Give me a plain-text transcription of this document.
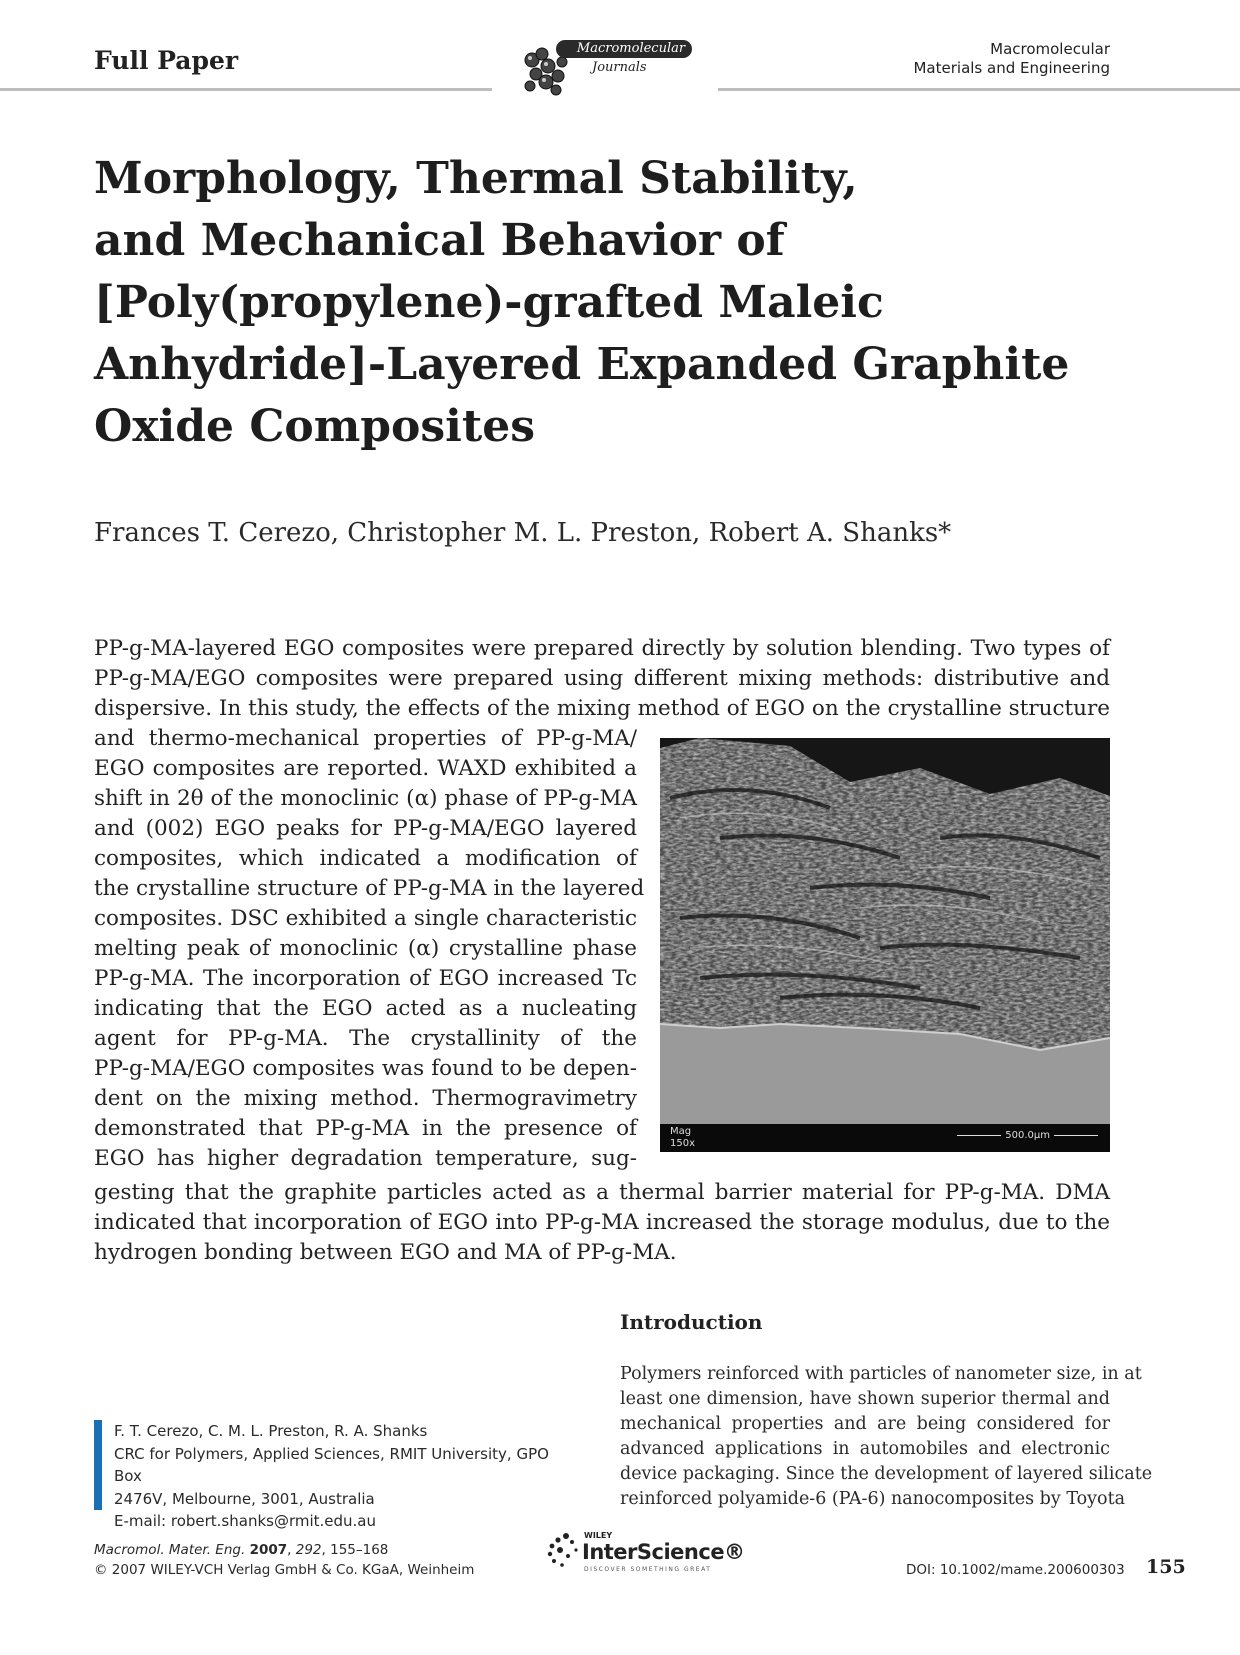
Full Paper	Macromolecular
Journals
Macromolecular
Materials and Engineering
Morphology, Thermal Stability,
and Mechanical Behavior of
[Poly(propylene)-grafted Maleic
Anhydride]-Layered Expanded Graphite
Oxide Composites
Frances T. Cerezo, Christopher M. L. Preston, Robert A. Shanks*
PP-g-MA-layered EGO composites were prepared directly by solution blending. Two types of
PP-g-MA/EGO composites were prepared using different mixing methods: distributive and
dispersive. In this study, the effects of the mixing method of EGO on the crystalline structure
and thermo-mechanical properties of PP-g-MA/
EGO composites are reported. WAXD exhibited a
shift in 2θ of the monoclinic (α) phase of PP-g-MA
and (002) EGO peaks for PP-g-MA/EGO layered
composites, which indicated a modification of
the crystalline structure of PP-g-MA in the layered
composites. DSC exhibited a single characteristic
melting peak of monoclinic (α) crystalline phase
PP-g-MA. The incorporation of EGO increased Tc
indicating that the EGO acted as a nucleating
agent for PP-g-MA. The crystallinity of the
PP-g-MA/EGO composites was found to be depen-
dent on the mixing method. Thermogravimetry
demonstrated that PP-g-MA in the presence of
EGO has higher degradation temperature, sug-
Mag
150x
500.0μm
gesting that the graphite particles acted as a thermal barrier material for PP-g-MA. DMA
indicated that incorporation of EGO into PP-g-MA increased the storage modulus, due to the
hydrogen bonding between EGO and MA of PP-g-MA.
Introduction
Polymers reinforced with particles of nanometer size, in at
least one dimension, have shown superior thermal and
mechanical properties and are being considered for
advanced applications in automobiles and electronic
device packaging. Since the development of layered silicate
reinforced polyamide-6 (PA-6) nanocomposites by Toyota
F. T. Cerezo, C. M. L. Preston, R. A. Shanks
CRC for Polymers, Applied Sciences, RMIT University, GPO Box
2476V, Melbourne, 3001, Australia
E-mail: robert.shanks@rmit.edu.au
Macromol. Mater. Eng. 2007, 292, 155–168
© 2007 WILEY-VCH Verlag GmbH & Co. KGaA, Weinheim
WILEY
InterScience®
DISCOVER SOMETHING GREAT	DOI: 10.1002/mame.200600303 155
